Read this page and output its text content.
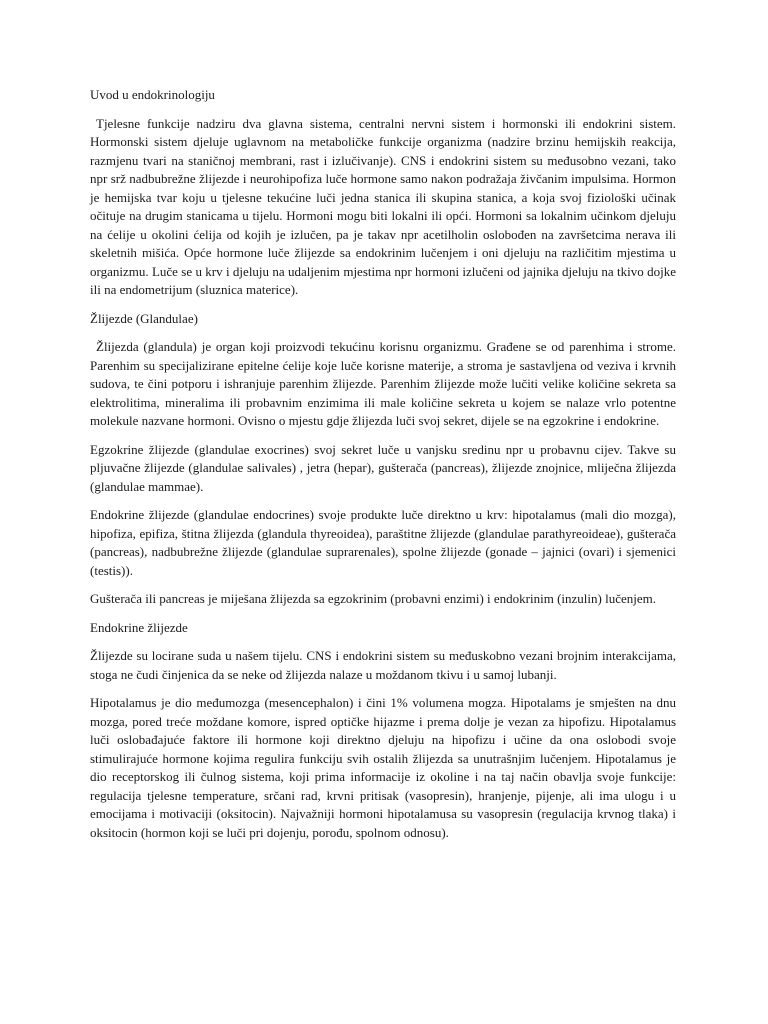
Uvod u endokrinologiju

Tjelesne funkcije nadziru dva glavna sistema, centralni nervni sistem i hormonski ili endokrini sistem. Hormonski sistem djeluje uglavnom na metaboličke funkcije organizma (nadzire brzinu hemijskih reakcija, razmjenu tvari na staničnoj membrani, rast i izlučivanje). CNS i endokrini sistem su međusobno vezani, tako npr srž nadbubrežne žlijezde i neurohipofiza luče hormone samo nakon podražaja živčanim impulsima. Hormon je hemijska tvar koju u tjelesne tekućine luči jedna stanica ili skupina stanica, a koja svoj fiziološki učinak očituje na drugim stanicama u tijelu. Hormoni mogu biti lokalni ili opći. Hormoni sa lokalnim učinkom djeluju na ćelije u okolini ćelija od kojih je izlučen, pa je takav npr acetilholin oslobođen na završetcima nerava ili skeletnih mišića. Opće hormone luče žlijezde sa endokrinim lučenjem i oni djeluju na različitim mjestima u organizmu. Luče se u krv i djeluju na udaljenim mjestima npr hormoni izlučeni od jajnika djeluju na tkivo dojke ili na endometrijum (sluznica materice).

Žlijezde (Glandulae)

Žlijezda (glandula) je organ koji proizvodi tekućinu korisnu organizmu. Građene se od parenhima i strome. Parenhim su specijalizirane epitelne ćelije koje luče korisne materije, a stroma je sastavljena od veziva i krvnih sudova, te čini potporu i ishranjuje parenhim žlijezde. Parenhim žlijezde može lučiti velike količine sekreta sa elektrolitima, mineralima ili probavnim enzimima ili male količine sekreta u kojem se nalaze vrlo potentne molekule nazvane hormoni. Ovisno o mjestu gdje žlijezda luči svoj sekret, dijele se na egzokrine i endokrine.

Egzokrine žlijezde (glandulae exocrines) svoj sekret luče u vanjsku sredinu npr u probavnu cijev. Takve su pljuvačne žlijezde (glandulae salivales) , jetra (hepar), gušterača (pancreas), žlijezde znojnice, mliječna žlijezda (glandulae mammae).

Endokrine žlijezde (glandulae endocrines) svoje produkte luče direktno u krv: hipotalamus (mali dio mozga), hipofiza, epifiza, štitna žlijezda (glandula thyreoidea), paraštitne žlijezde (glandulae parathyreoideae), gušterača (pancreas), nadbubrežne žlijezde (glandulae suprarenales), spolne žlijezde (gonade – jajnici (ovari) i sjemenici (testis)).

Gušterača ili pancreas je miješana žlijezda sa egzokrinim (probavni enzimi) i endokrinim (inzulin) lučenjem.

Endokrine žlijezde

Žlijezde su locirane suda u našem tijelu. CNS i endokrini sistem su međuskobno vezani brojnim interakcijama, stoga ne čudi činjenica da se neke od žlijezda nalaze u moždanom tkivu i u samoj lubanji.

Hipotalamus je dio međumozga (mesencephalon) i čini 1% volumena mogza. Hipotalams je smješten na dnu mozga, pored treće moždane komore, ispred optičke hijazme i prema dolje je vezan za hipofizu. Hipotalamus luči oslobađajuće faktore ili hormone koji direktno djeluju na hipofizu i učine da ona oslobodi svoje stimulirajuće hormone kojima regulira funkciju svih ostalih žlijezda sa unutrašnjim lučenjem. Hipotalamus je dio receptorskog ili čulnog sistema, koji prima informacije iz okoline i na taj način obavlja svoje funkcije: regulacija tjelesne temperature, srčani rad, krvni pritisak (vasopresin), hranjenje, pijenje, ali ima ulogu i u emocijama i motivaciji (oksitocin). Najvažniji hormoni hipotalamusa su vasopresin (regulacija krvnog tlaka) i oksitocin (hormon koji se luči pri dojenju, porođu, spolnom odnosu).
